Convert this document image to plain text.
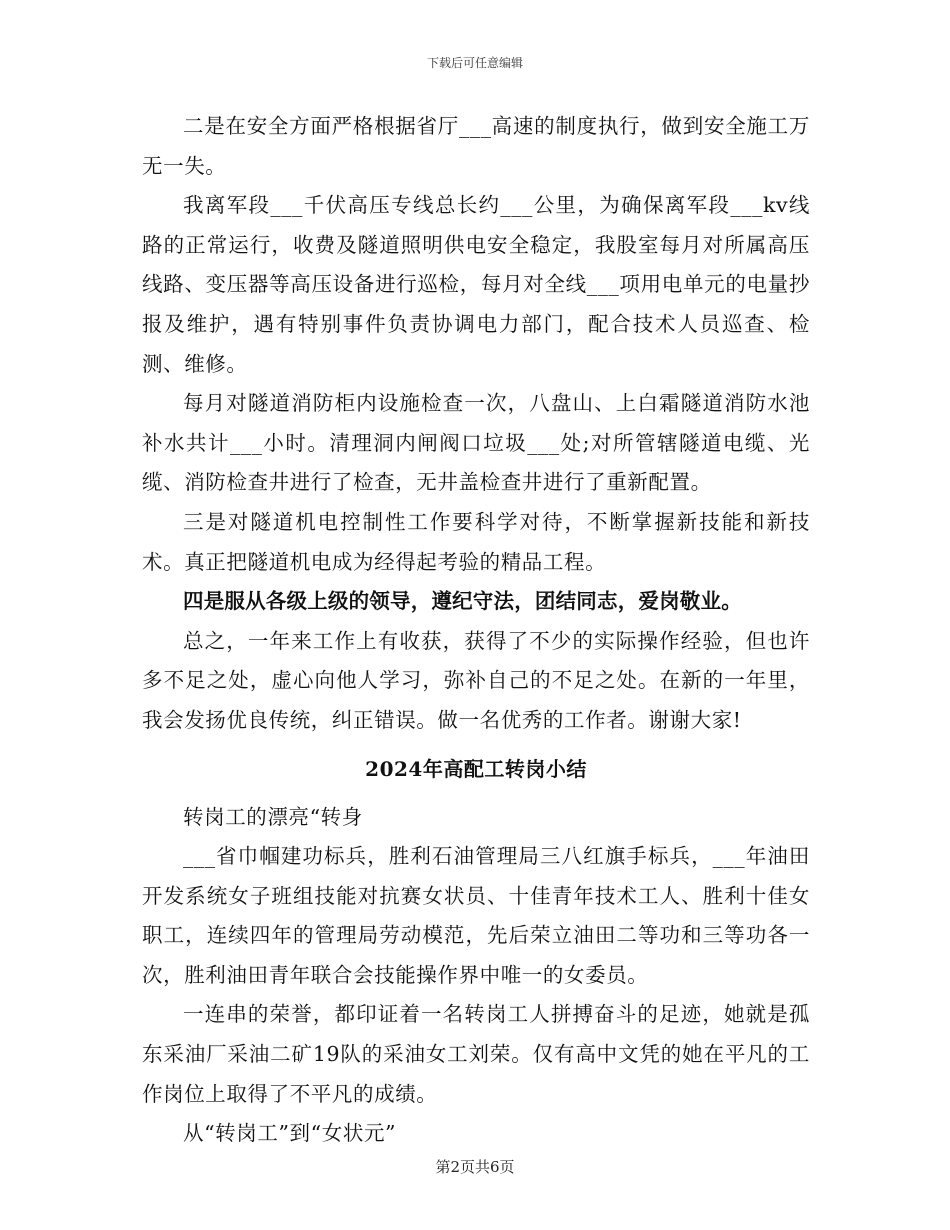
下载后可任意编辑

二是在安全方面严格根据省厅___高速的制度执行，做到安全施工万无一失。

我离军段___千伏高压专线总长约___公里，为确保离军段___kv线路的正常运行，收费及隧道照明供电安全稳定，我股室每月对所属高压线路、变压器等高压设备进行巡检，每月对全线___项用电单元的电量抄报及维护，遇有特别事件负责协调电力部门，配合技术人员巡查、检测、维修。

每月对隧道消防柜内设施检查一次，八盘山、上白霜隧道消防水池补水共计___小时。清理洞内闸阀口垃圾___处;对所管辖隧道电缆、光缆、消防检查井进行了检查，无井盖检查井进行了重新配置。

三是对隧道机电控制性工作要科学对待，不断掌握新技能和新技术。真正把隧道机电成为经得起考验的精品工程。

四是服从各级上级的领导，遵纪守法，团结同志，爱岗敬业。

总之，一年来工作上有收获，获得了不少的实际操作经验，但也许多不足之处，虚心向他人学习，弥补自己的不足之处。在新的一年里，我会发扬优良传统，纠正错误。做一名优秀的工作者。谢谢大家!

2024年高配工转岗小结

转岗工的漂亮“转身

___省巾帼建功标兵，胜利石油管理局三八红旗手标兵，___年油田开发系统女子班组技能对抗赛女状员、十佳青年技术工人、胜利十佳女职工，连续四年的管理局劳动模范，先后荣立油田二等功和三等功各一次，胜利油田青年联合会技能操作界中唯一的女委员。

一连串的荣誉，都印证着一名转岗工人拼搏奋斗的足迹，她就是孤东采油厂采油二矿19队的采油女工刘荣。仅有高中文凭的她在平凡的工作岗位上取得了不平凡的成绩。

从“转岗工”到“女状元”

第2页共6页
